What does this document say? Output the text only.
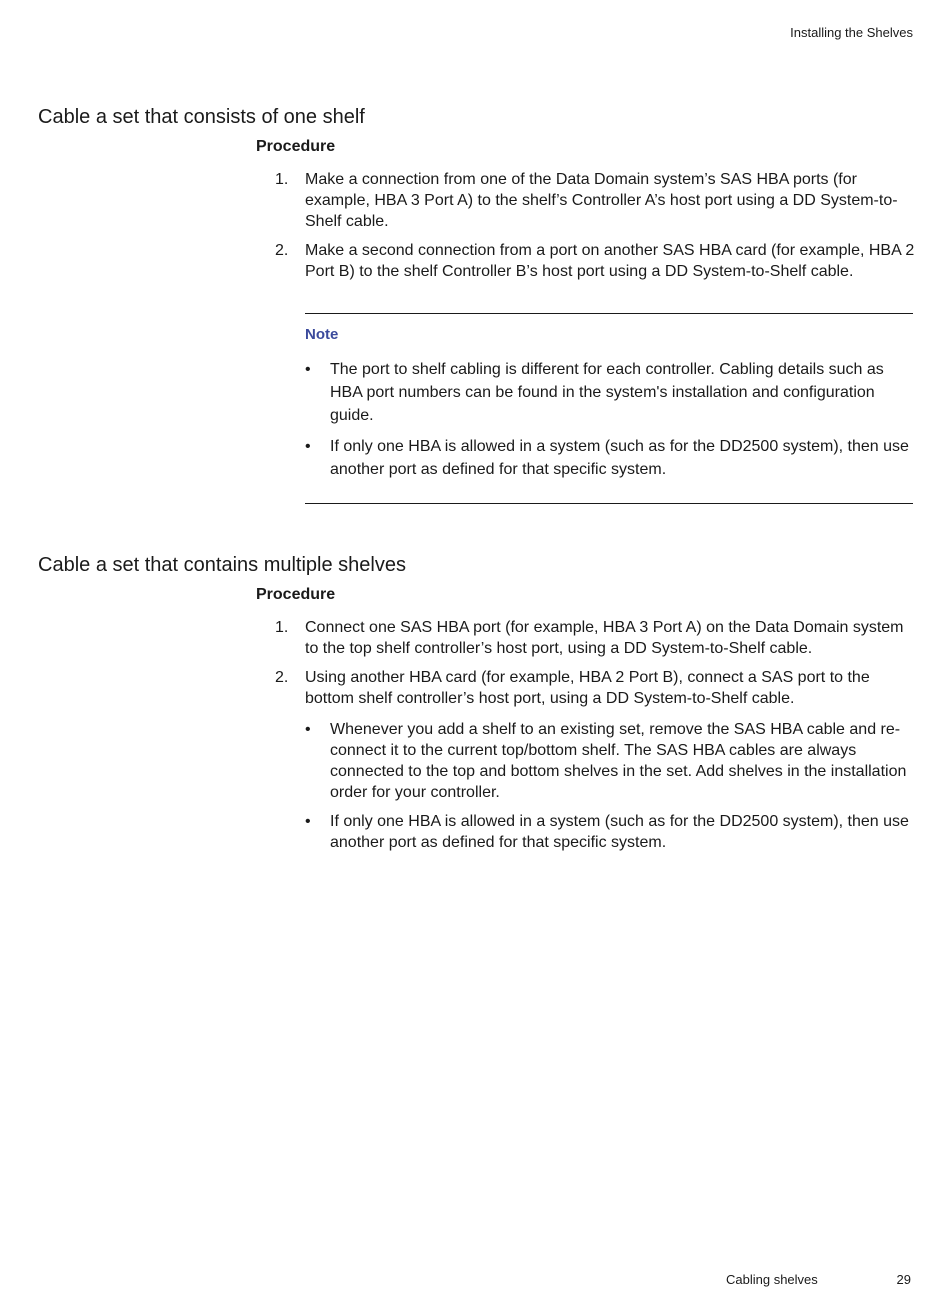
Installing the Shelves
Cable a set that consists of one shelf
Procedure
1. Make a connection from one of the Data Domain system’s SAS HBA ports (for example, HBA 3 Port A) to the shelf’s Controller A’s host port using a DD System-to-Shelf cable.
2. Make a second connection from a port on another SAS HBA card (for example, HBA 2 Port B) to the shelf Controller B’s host port using a DD System-to-Shelf cable.
Note
• The port to shelf cabling is different for each controller. Cabling details such as HBA port numbers can be found in the system's installation and configuration guide.
• If only one HBA is allowed in a system (such as for the DD2500 system), then use another port as defined for that specific system.
Cable a set that contains multiple shelves
Procedure
1. Connect one SAS HBA port (for example, HBA 3 Port A) on the Data Domain system to the top shelf controller’s host port, using a DD System-to-Shelf cable.
2. Using another HBA card (for example, HBA 2 Port B), connect a SAS port to the bottom shelf controller’s host port, using a DD System-to-Shelf cable.
• Whenever you add a shelf to an existing set, remove the SAS HBA cable and re-connect it to the current top/bottom shelf. The SAS HBA cables are always connected to the top and bottom shelves in the set. Add shelves in the installation order for your controller.
• If only one HBA is allowed in a system (such as for the DD2500 system), then use another port as defined for that specific system.
Cabling shelves	29
